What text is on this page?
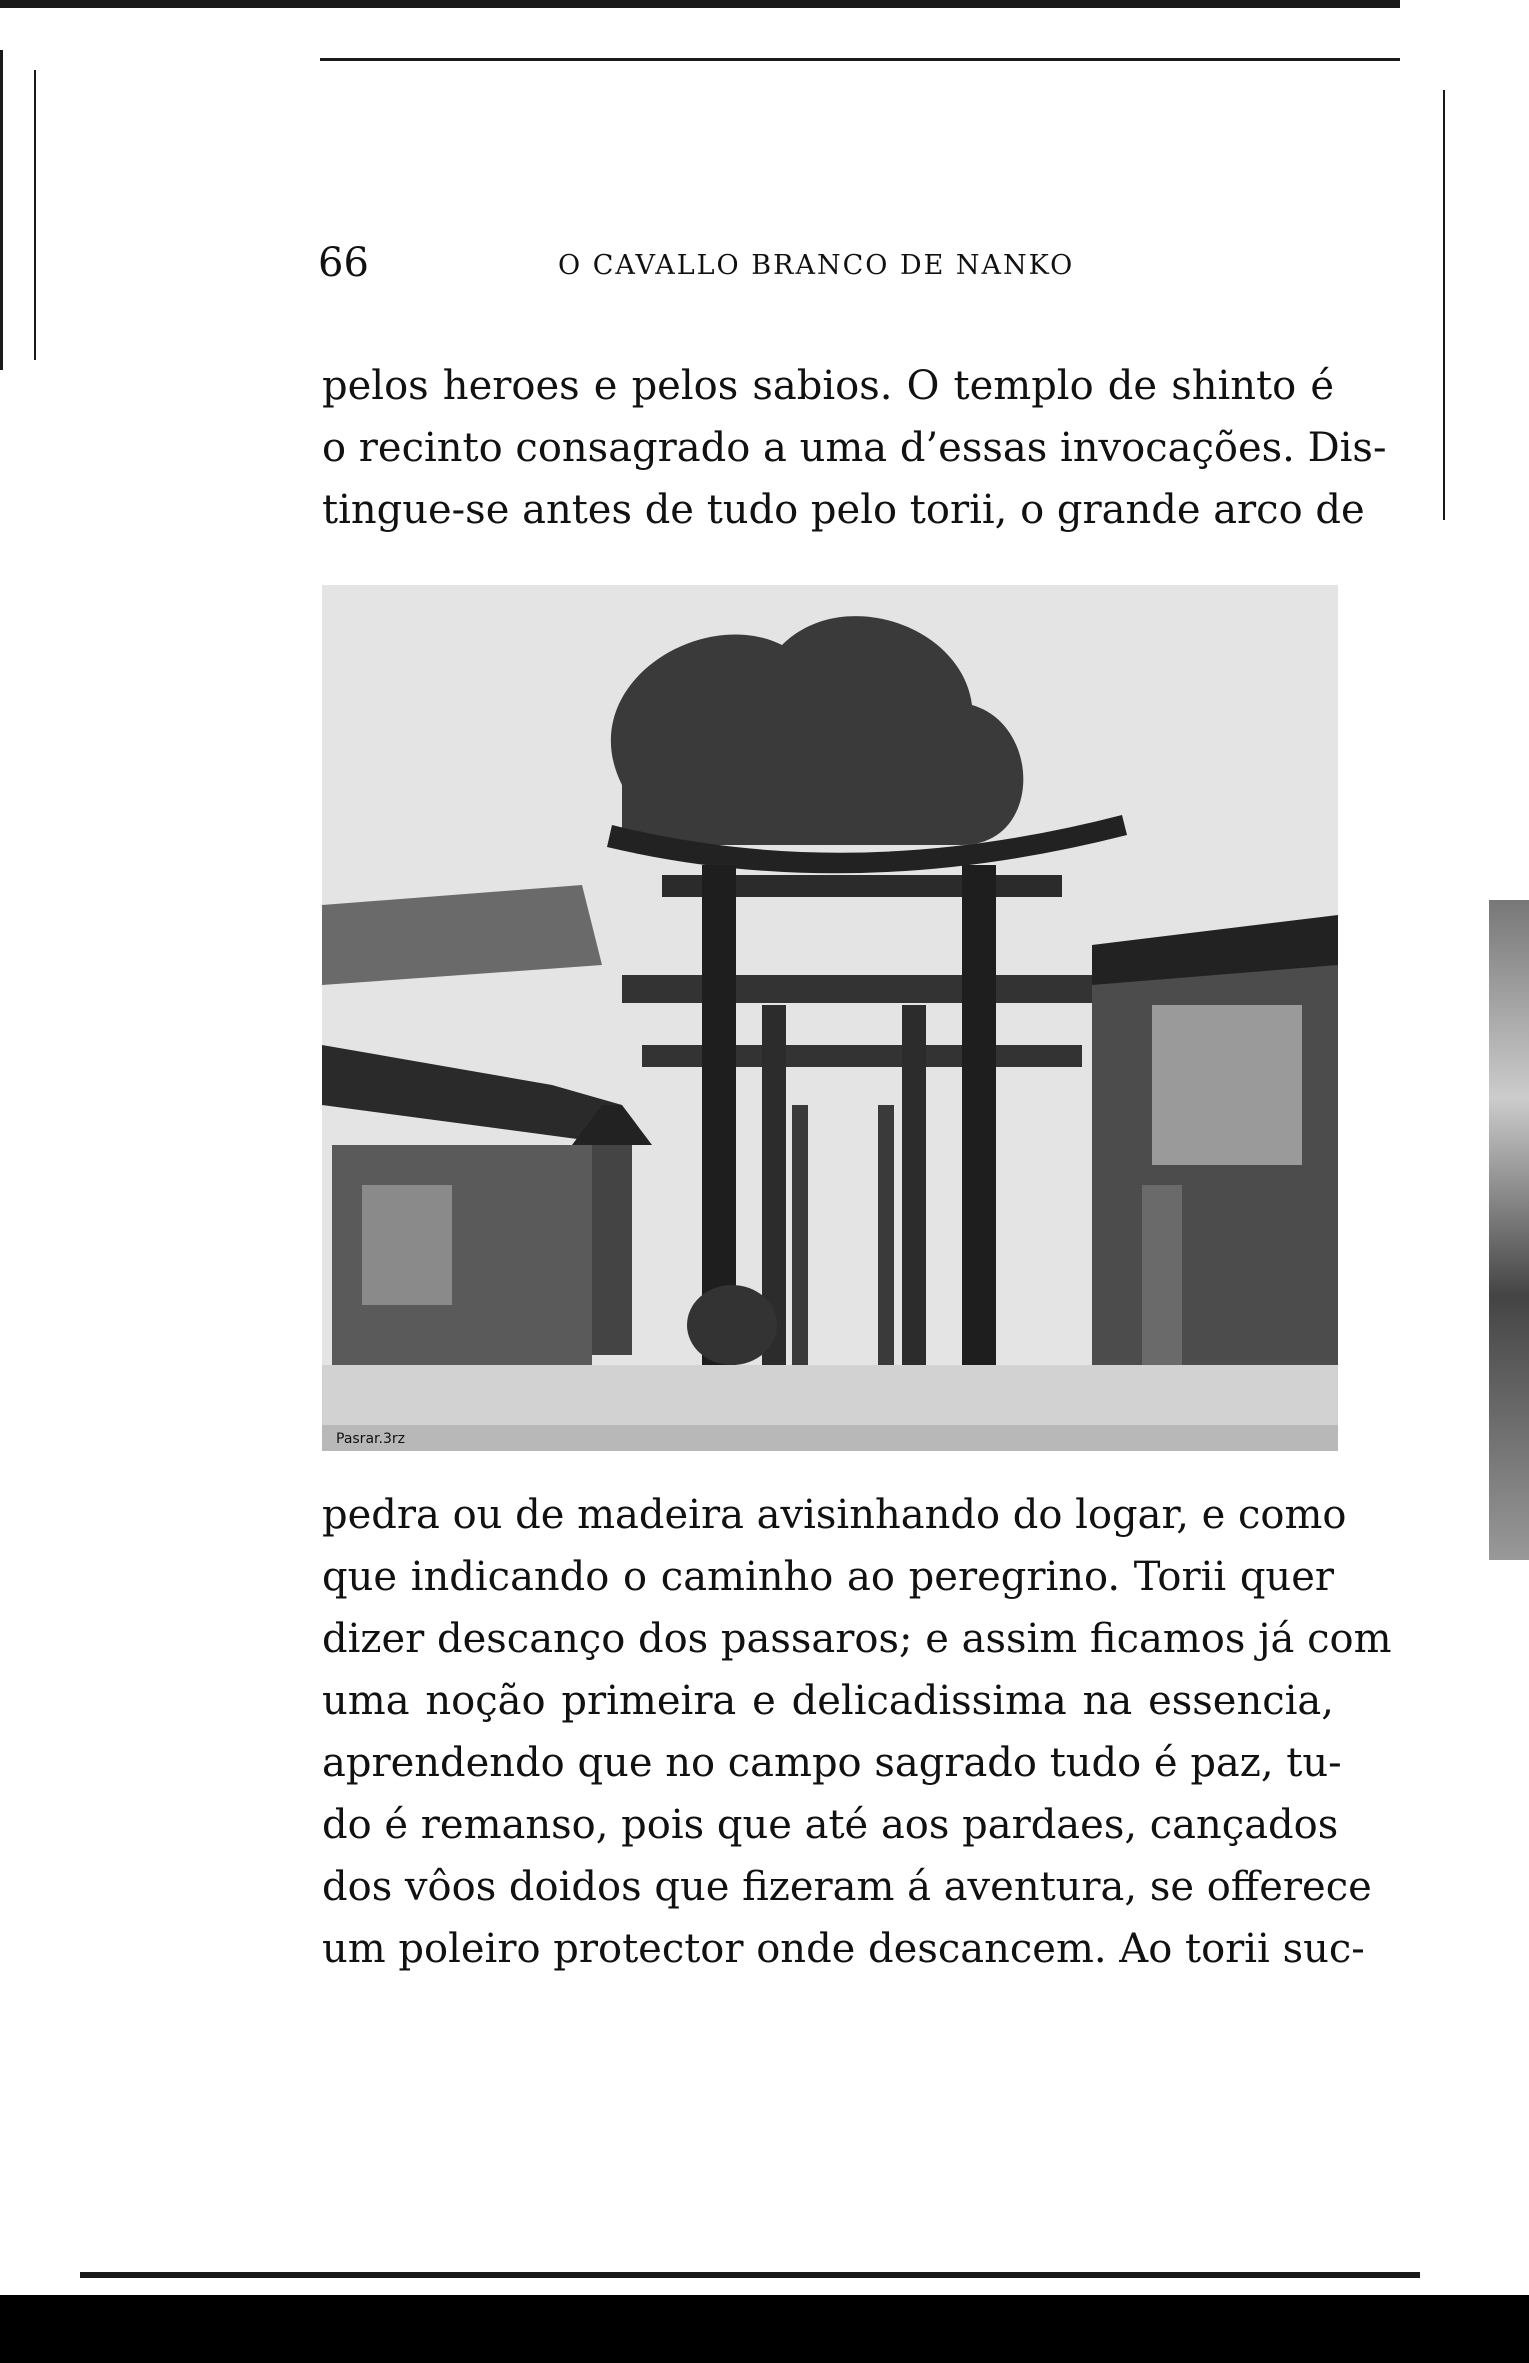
66	O CAVALLO BRANCO DE NANKO

pelos heroes e pelos sabios. O templo de shinto é
o recinto consagrado a uma d’essas invocações. Dis-
tingue-se antes de tudo pelo torii, o grande arco de

Pasrar.3rz

pedra ou de madeira avisinhando do logar, e como
que indicando o caminho ao peregrino. Torii quer
dizer descanço dos passaros; e assim ficamos já com
uma noção primeira e delicadissima na essencia,
aprendendo que no campo sagrado tudo é paz, tu-
do é remanso, pois que até aos pardaes, cançados
dos vôos doidos que fizeram á aventura, se offerece
um poleiro protector onde descancem. Ao torii suc-
